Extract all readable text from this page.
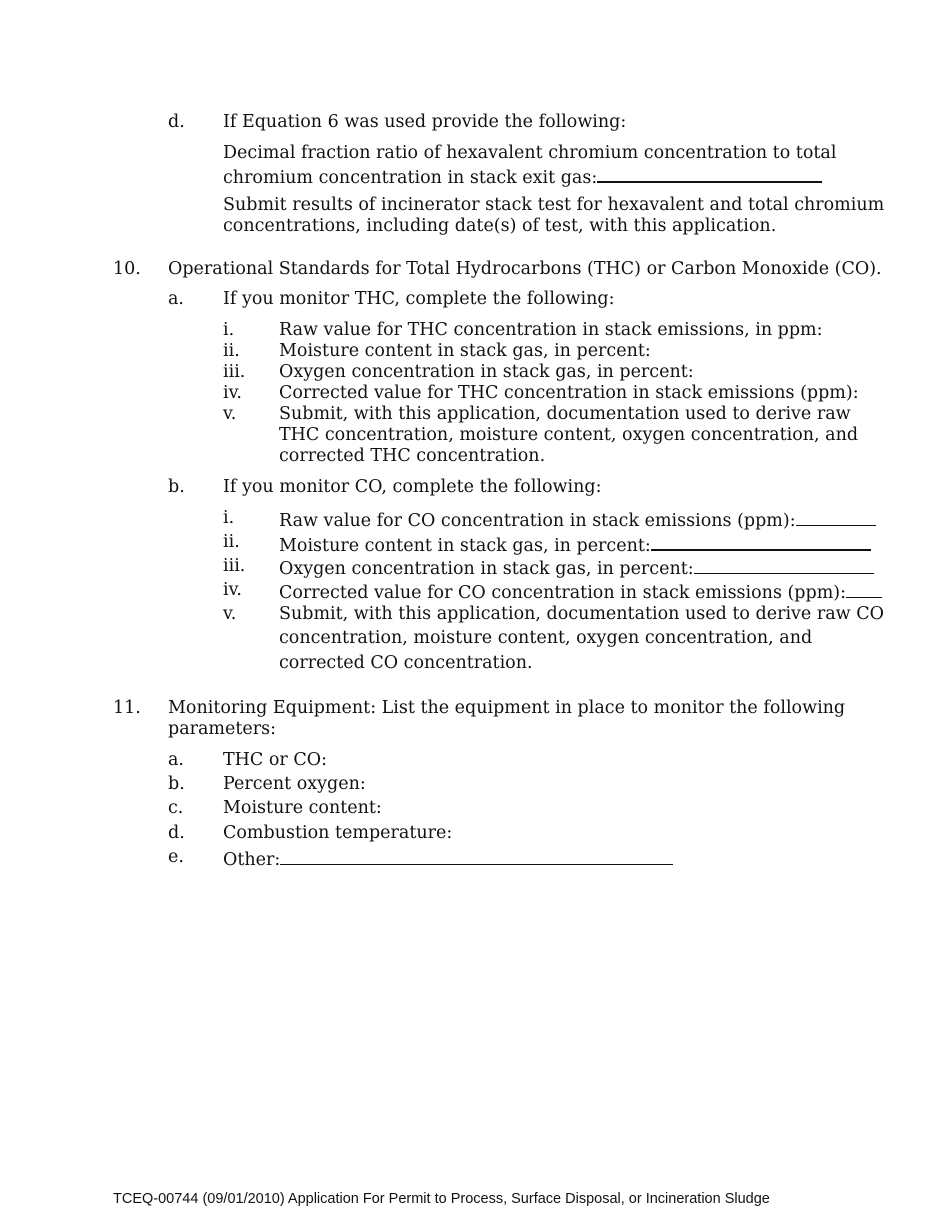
d. If Equation 6 was used provide the following:
Decimal fraction ratio of hexavalent chromium concentration to total
chromium concentration in stack exit gas:
Submit results of incinerator stack test for hexavalent and total chromium
concentrations, including date(s) of test, with this application.
10. Operational Standards for Total Hydrocarbons (THC) or Carbon Monoxide (CO).
a. If you monitor THC, complete the following:
i.	Raw value for THC concentration in stack emissions, in ppm:
ii. Moisture content in stack gas, in percent:
iii. Oxygen concentration in stack gas, in percent:
iv. Corrected value for THC concentration in stack emissions (ppm):
v. Submit, with this application, documentation used to derive raw
THC concentration, moisture content, oxygen concentration, and
corrected THC concentration.
b. If you monitor CO, complete the following:
i.	Raw value for CO concentration in stack emissions (ppm):
ii. Moisture content in stack gas, in percent:
iii. Oxygen concentration in stack gas, in percent:
iv. Corrected value for CO concentration in stack emissions (ppm):
v. Submit, with this application, documentation used to derive raw CO
concentration, moisture content, oxygen concentration, and
corrected CO concentration.
11. Monitoring Equipment: List the equipment in place to monitor the following
parameters:
a. THC or CO:
b. Percent oxygen:
c. Moisture content:
d. Combustion temperature:
e. Other:
TCEQ-00744 (09/01/2010) Application For Permit to Process, Surface Disposal, or Incineration Sludge
